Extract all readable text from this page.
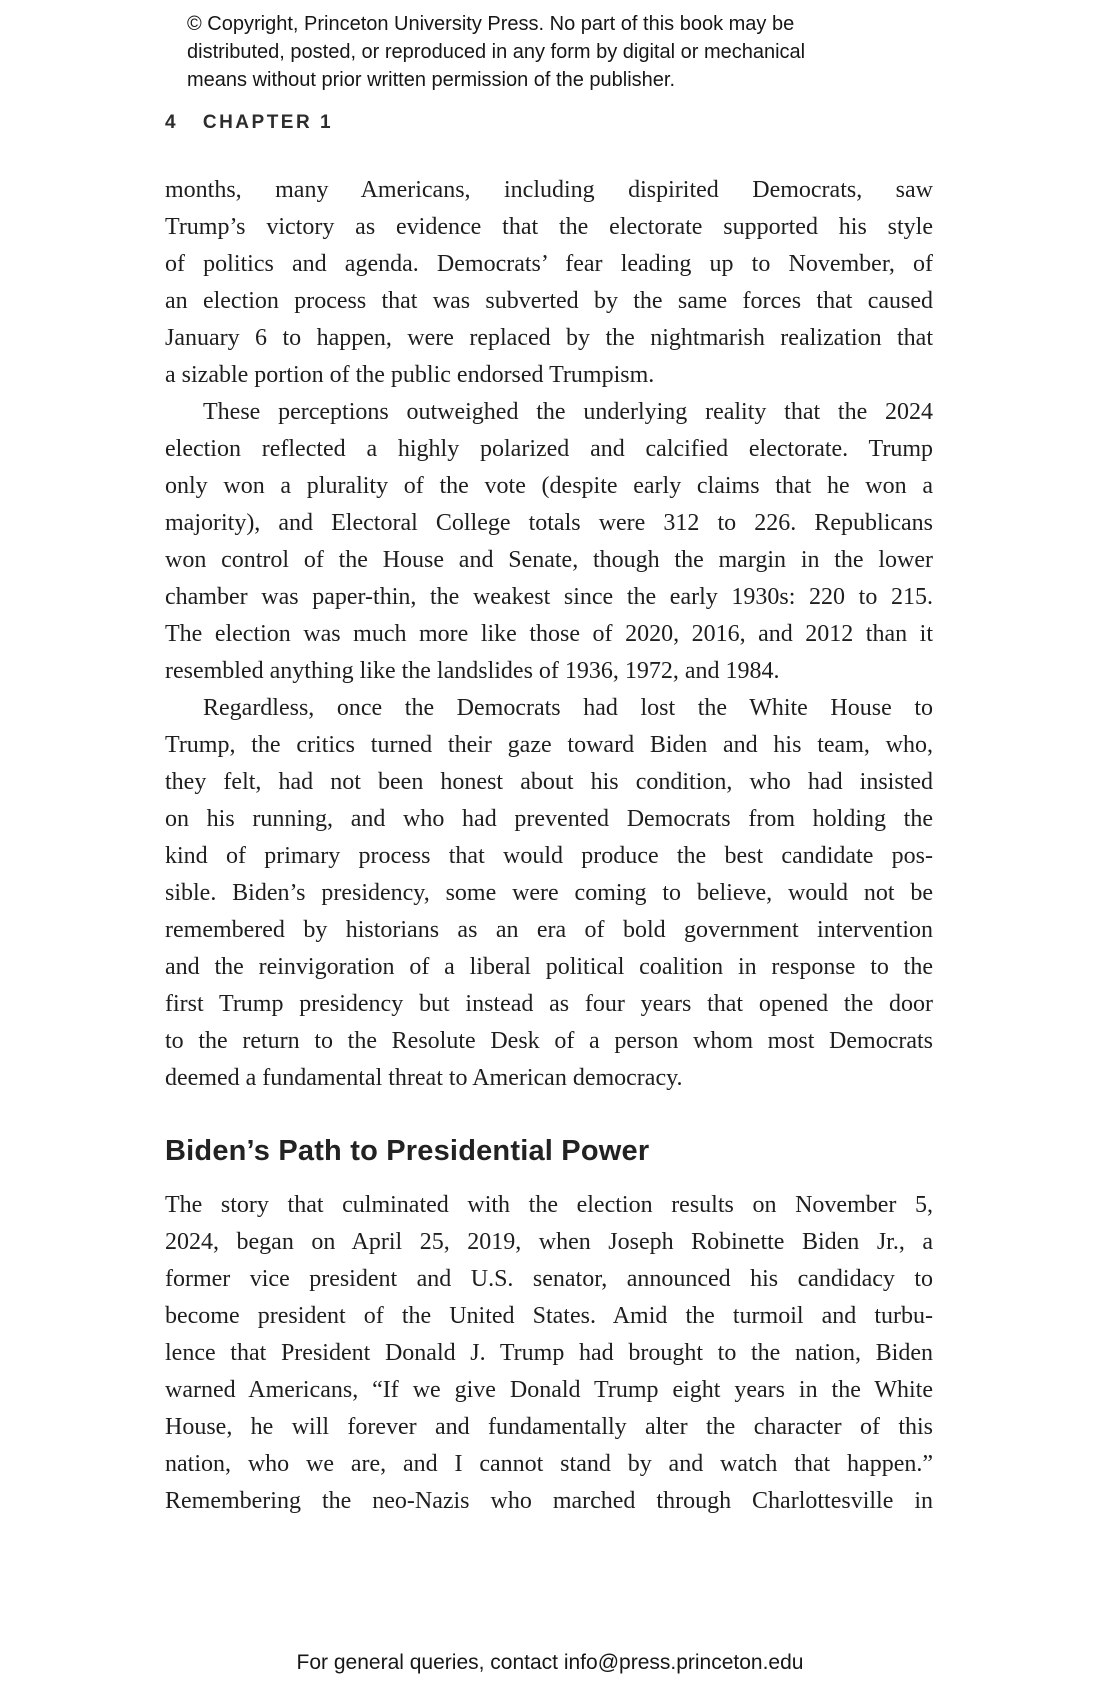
© Copyright, Princeton University Press. No part of this book may be
distributed, posted, or reproduced in any form by digital or mechanical
means without prior written permission of the publisher.
4 CHAPTER 1
months, many Americans, including dispirited Democrats, saw
Trump’s victory as evidence that the electorate supported his style
of politics and agenda. Democrats’ fear leading up to November, of
an election process that was subverted by the same forces that caused
January 6 to happen, were replaced by the nightmarish realization that
a sizable portion of the public endorsed Trumpism.
These perceptions outweighed the underlying reality that the 2024
election reflected a highly polarized and calcified electorate. Trump
only won a plurality of the vote (despite early claims that he won a
majority), and Electoral College totals were 312 to 226. Republicans
won control of the House and Senate, though the margin in the lower
chamber was paper-thin, the weakest since the early 1930s: 220 to 215.
The election was much more like those of 2020, 2016, and 2012 than it
resembled anything like the landslides of 1936, 1972, and 1984.
Regardless, once the Democrats had lost the White House to
Trump, the critics turned their gaze toward Biden and his team, who,
they felt, had not been honest about his condition, who had insisted
on his running, and who had prevented Democrats from holding the
kind of primary process that would produce the best candidate pos-
sible. Biden’s presidency, some were coming to believe, would not be
remembered by historians as an era of bold government intervention
and the reinvigoration of a liberal political coalition in response to the
first Trump presidency but instead as four years that opened the door
to the return to the Resolute Desk of a person whom most Democrats
deemed a fundamental threat to American democracy.
Biden’s Path to Presidential Power
The story that culminated with the election results on November 5,
2024, began on April 25, 2019, when Joseph Robinette Biden Jr., a
former vice president and U.S. senator, announced his candidacy to
become president of the United States. Amid the turmoil and turbu-
lence that President Donald J. Trump had brought to the nation, Biden
warned Americans, “If we give Donald Trump eight years in the White
House, he will forever and fundamentally alter the character of this
nation, who we are, and I cannot stand by and watch that happen.”
Remembering the neo-Nazis who marched through Charlottesville in
For general queries, contact info@press.princeton.edu
